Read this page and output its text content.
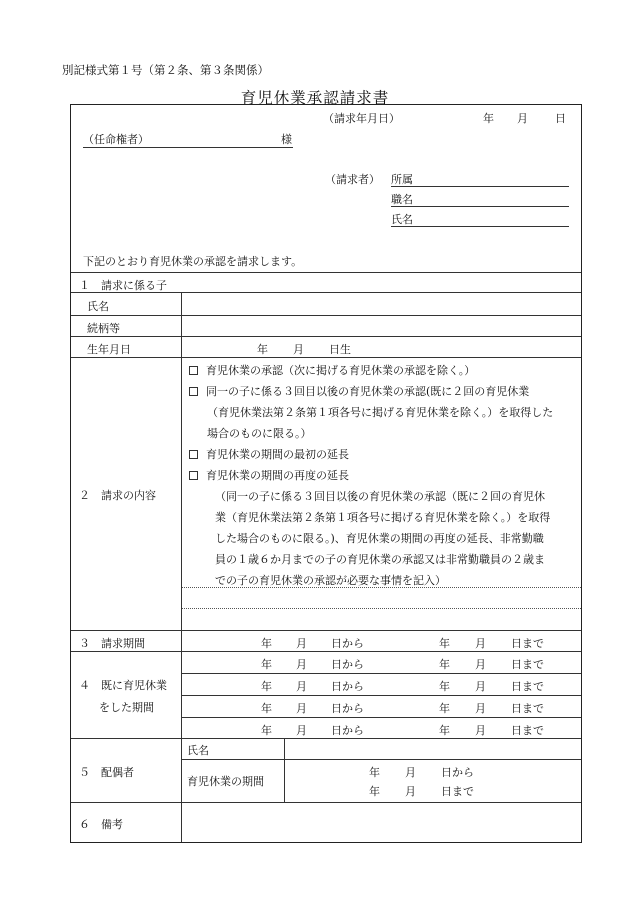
別記様式第１号（第２条、第３条関係）
育児休業承認請求書
（請求年月日）	年 月 日
（任命権者）	様
（請求者） 所属
職名
氏名
下記のとおり育児休業の承認を請求します。
１　請求に係る子
氏名
続柄等
生年月日	年 月 日生
２　請求の内容
育児休業の承認（次に掲げる育児休業の承認を除く。）
同一の子に係る３回目以後の育児休業の承認(既に２回の育児休業
（育児休業法第２条第１項各号に掲げる育児休業を除く。）を取得した
場合のものに限る。）
育児休業の期間の最初の延長
育児休業の期間の再度の延長
（同一の子に係る３回目以後の育児休業の承認（既に２回の育児休
業（育児休業法第２条第１項各号に掲げる育児休業を除く。）を取得
した場合のものに限る。)、育児休業の期間の再度の延長、非常勤職
員の１歳６か月までの子の育児休業の承認又は非常勤職員の２歳ま
での子の育児休業の承認が必要な事情を記入）
３　請求期間	年 月 日から	年 月 日まで
４　既に育児休業
をした期間
年 月 日から	年 月 日まで
年 月 日から	年 月 日まで
年 月 日から	年 月 日まで
年 月 日から	年 月 日まで
５　配偶者
氏名
育児休業の期間
年 月 日から
年 月 日まで
６　備考
